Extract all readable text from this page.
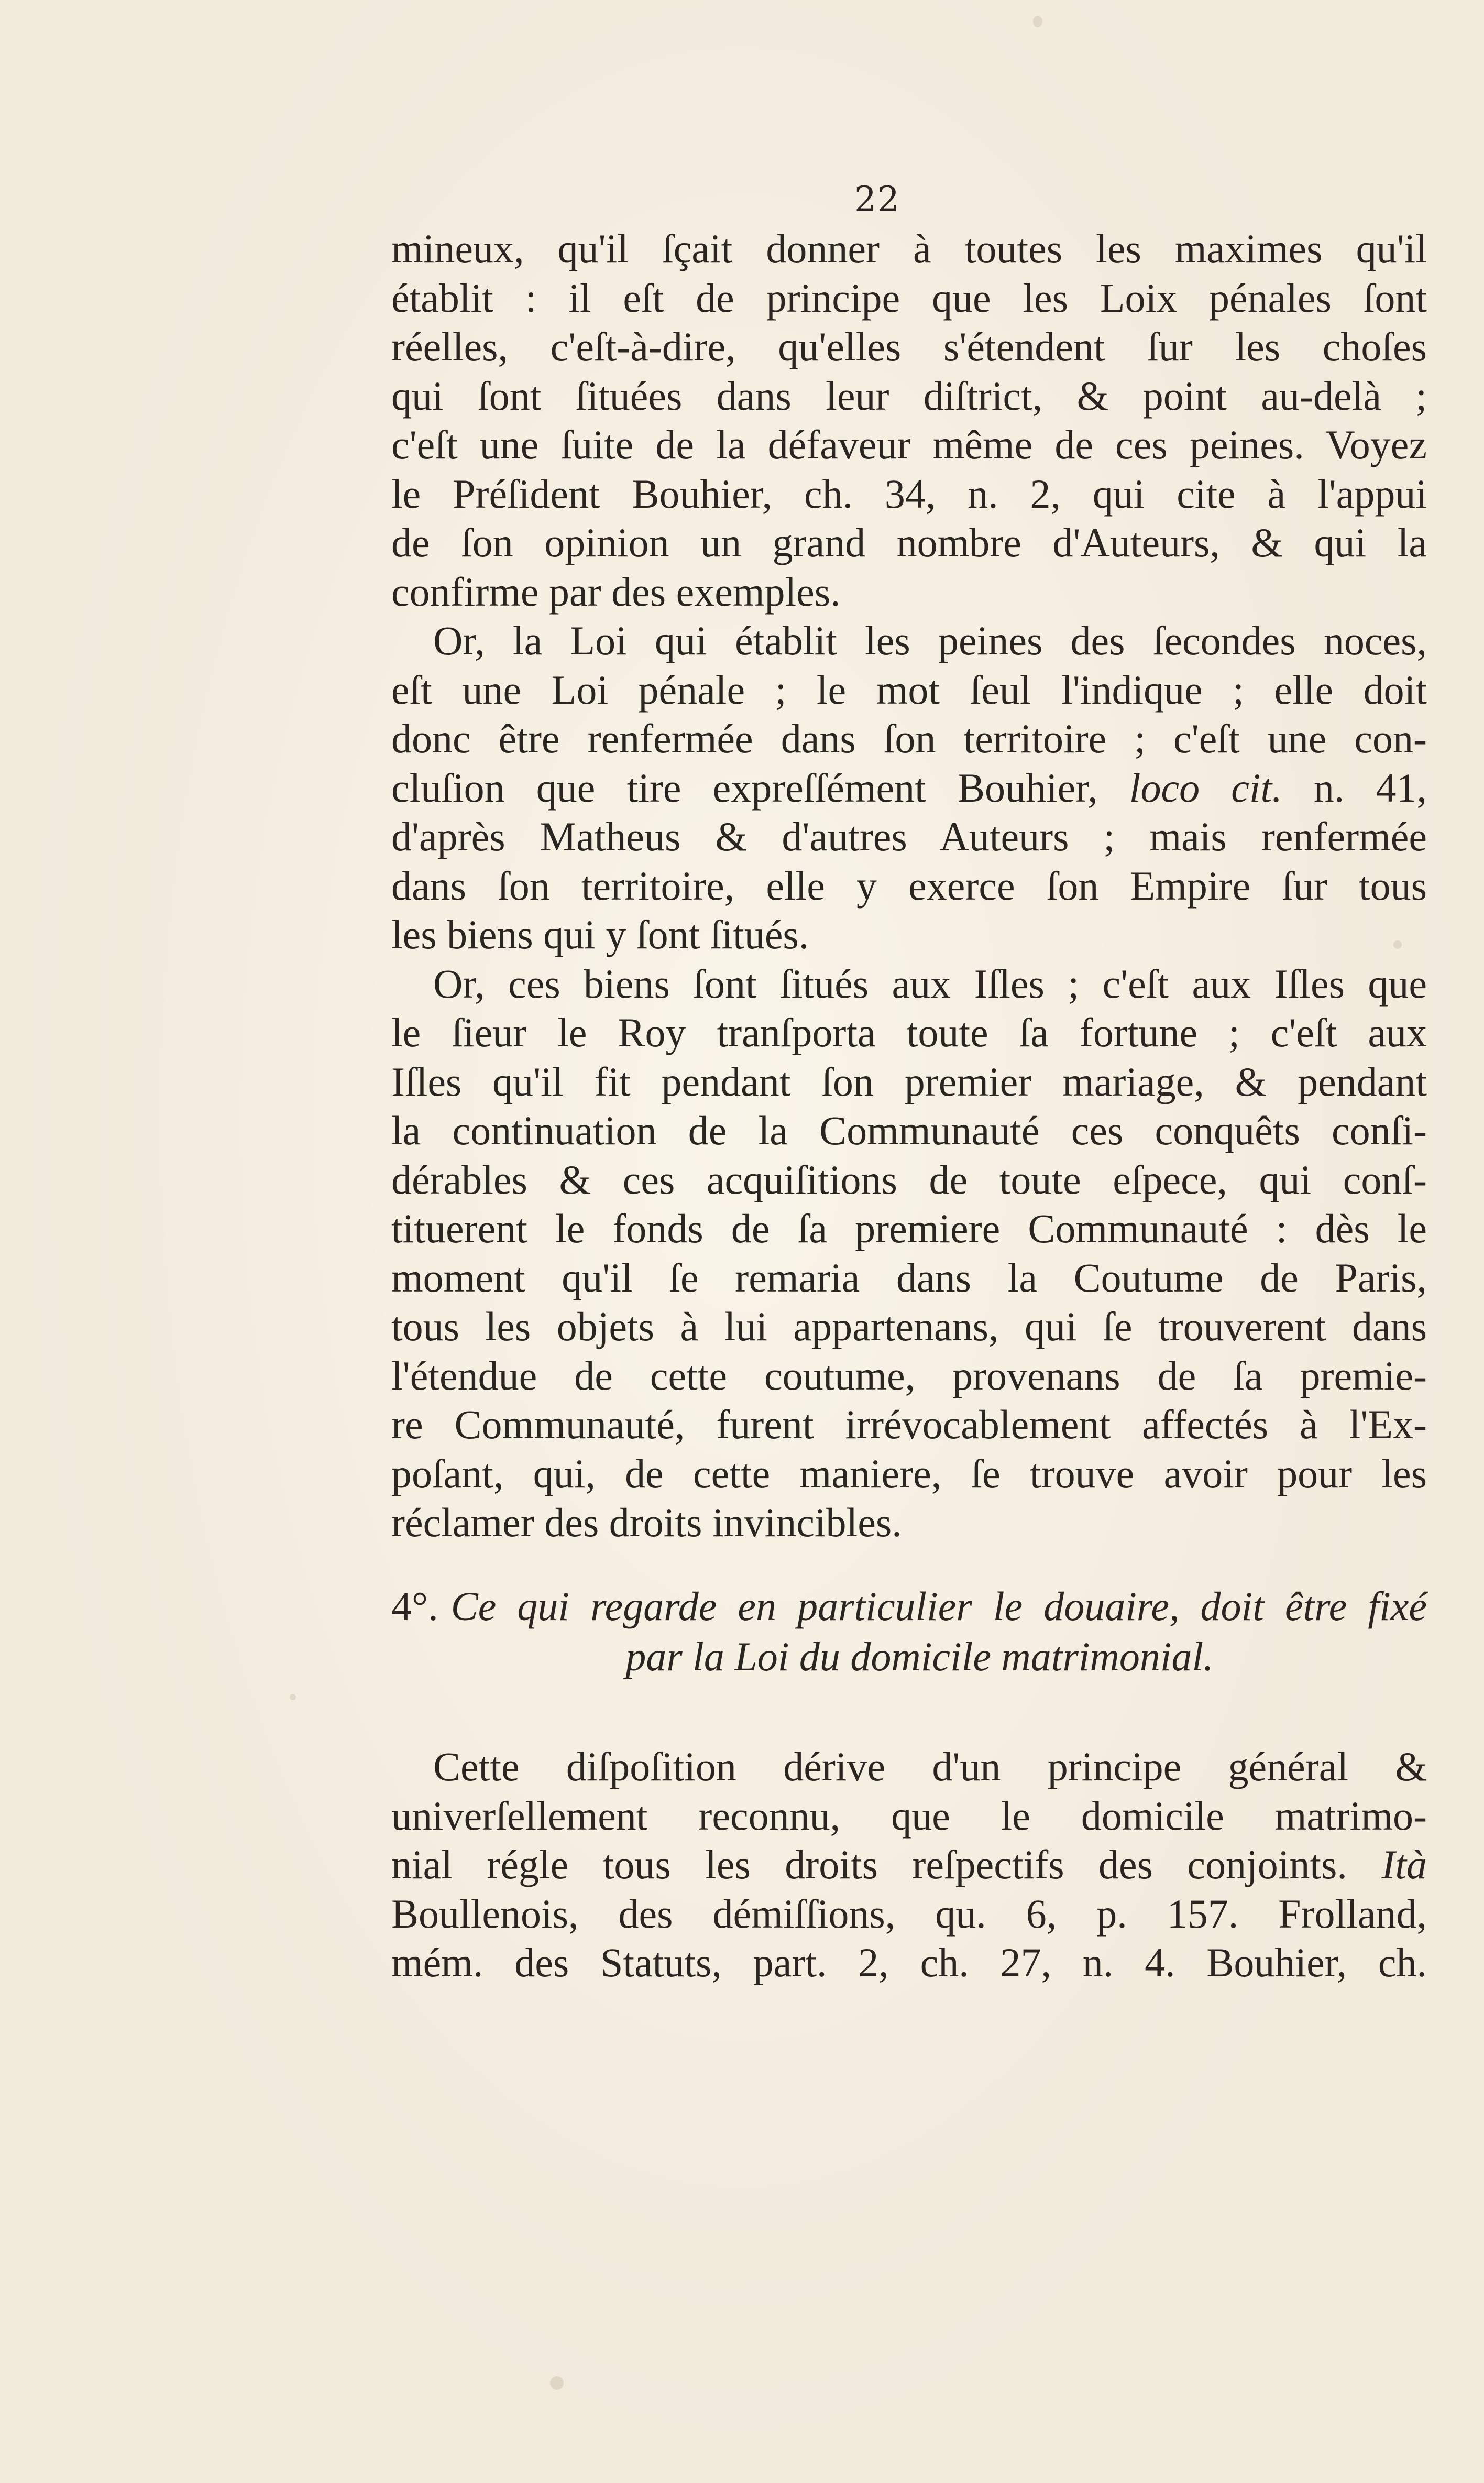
22
mineux, qu'il ſçait donner à toutes les maximes qu'il
établit : il eſt de principe que les Loix pénales ſont
réelles, c'eſt-à-dire, qu'elles s'étendent ſur les choſes
qui ſont ſituées dans leur diſtrict, & point au-delà ;
c'eſt une ſuite de la défaveur même de ces peines. Voyez
le Préſident Bouhier, ch. 34, n. 2, qui cite à l'appui
de ſon opinion un grand nombre d'Auteurs, & qui la
confirme par des exemples.
Or, la Loi qui établit les peines des ſecondes noces,
eſt une Loi pénale ; le mot ſeul l'indique ; elle doit
donc être renfermée dans ſon territoire ; c'eſt une con-
cluſion que tire expreſſément Bouhier, loco cit. n. 41,
d'après Matheus & d'autres Auteurs ; mais renfermée
dans ſon territoire, elle y exerce ſon Empire ſur tous
les biens qui y ſont ſitués.
Or, ces biens ſont ſitués aux Iſles ; c'eſt aux Iſles que
le ſieur le Roy tranſporta toute ſa fortune ; c'eſt aux
Iſles qu'il fit pendant ſon premier mariage, & pendant
la continuation de la Communauté ces conquêts conſi-
dérables & ces acquiſitions de toute eſpece, qui conſ-
tituerent le fonds de ſa premiere Communauté : dès le
moment qu'il ſe remaria dans la Coutume de Paris,
tous les objets à lui appartenans, qui ſe trouverent dans
l'étendue de cette coutume, provenans de ſa premie-
re Communauté, furent irrévocablement affectés à l'Ex-
poſant, qui, de cette maniere, ſe trouve avoir pour les
réclamer des droits invincibles.
4°. Ce qui regarde en particulier le douaire, doit être fixé
par la Loi du domicile matrimonial.
Cette diſpoſition dérive d'un principe général &
univerſellement reconnu, que le domicile matrimo-
nial régle tous les droits reſpectifs des conjoints. Ità
Boullenois, des démiſſions, qu. 6, p. 157. Frolland,
mém. des Statuts, part. 2, ch. 27, n. 4. Bouhier, ch.
